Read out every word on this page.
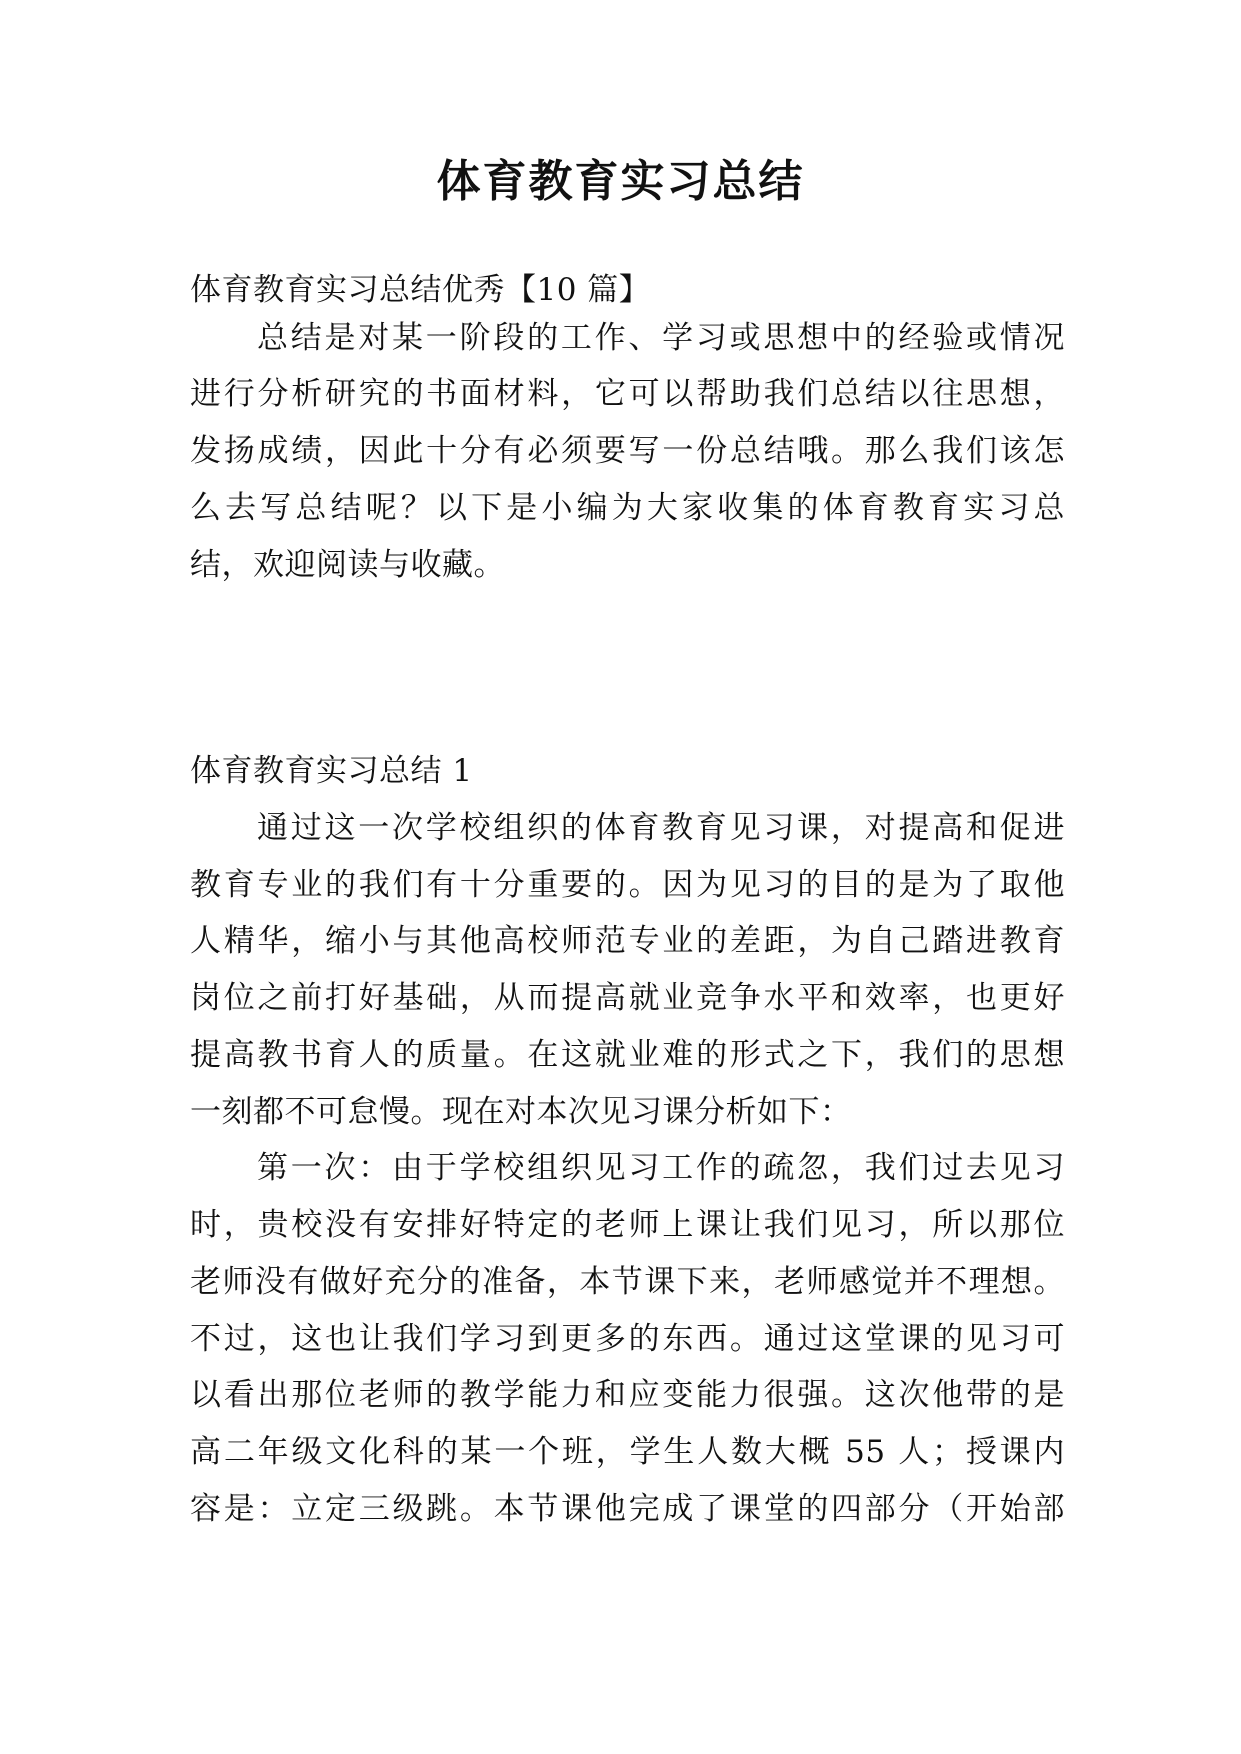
体育教育实习总结
体育教育实习总结优秀【10 篇】
总结是对某一阶段的工作、学习或思想中的经验或情况
进行分析研究的书面材料，它可以帮助我们总结以往思想，
发扬成绩，因此十分有必须要写一份总结哦。那么我们该怎
么去写总结呢？以下是小编为大家收集的体育教育实习总
结，欢迎阅读与收藏。
体育教育实习总结 1
通过这一次学校组织的体育教育见习课，对提高和促进
教育专业的我们有十分重要的。因为见习的目的是为了取他
人精华，缩小与其他高校师范专业的差距，为自己踏进教育
岗位之前打好基础，从而提高就业竞争水平和效率，也更好
提高教书育人的质量。在这就业难的形式之下，我们的思想
一刻都不可怠慢。现在对本次见习课分析如下：
第一次：由于学校组织见习工作的疏忽，我们过去见习
时，贵校没有安排好特定的老师上课让我们见习，所以那位
老师没有做好充分的准备，本节课下来，老师感觉并不理想。
不过，这也让我们学习到更多的东西。通过这堂课的见习可
以看出那位老师的教学能力和应变能力很强。这次他带的是
高二年级文化科的某一个班，学生人数大概 55 人；授课内
容是：立定三级跳。本节课他完成了课堂的四部分（开始部
